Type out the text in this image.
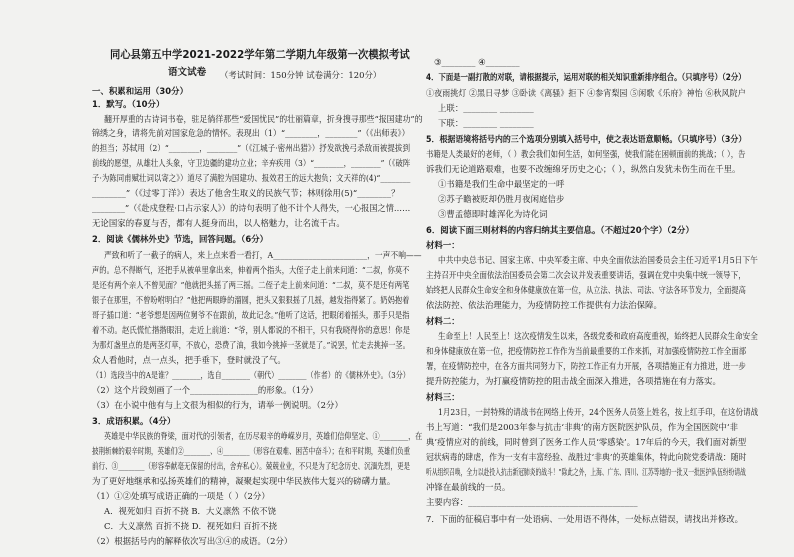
同心县第五中学2021-2022学年第二学期九年级第一次模拟考试
语文试卷 （考试时间：150分钟 试卷满分：120分）
一、积累和运用（30分）
1．默写。（10分）
翻开厚重的古诗词书卷，驻足徜徉那些“爱国忧民”的壮丽篇章，折身搜寻那些“报国建功”的
锦绣之身，请将先前对国家危急的情怀。表现出（1）“________，________”（《出师表》）
的担当；苏轼用（2）“________，________”（《江城子·密州出猎》）抒发欲挽弓杀敌而被提拔到
前线的愿望，从雄壮人头象，守卫边疆的建功立业；辛弃疾用（3）“________，________”（《破阵
子·为陈同甫赋壮词以寄之》）道尽了满腔为国建功、报效君王的远大抱负；文天祥的(4)“________
________”（《过零丁洋》）表达了他舍生取义的民族气节；林则徐用(5)“________？
________”（《赴戍登程·口占示家人》）的诗句表明了他不计个人得失，一心报国之情……
无论国家的春夏与否，都有人挺身而出，以人格魅力，让名流千古。
2．阅读《儒林外史》节选，回答问题。（6分）
严致和听了一截子的病人，来上点来看一看打，A________________________，一声不响——
声的。总不得断气，还把手从被单里拿出来，伸着两个指头，大侄子走上前来问道：“二叔，你莫不
是还有两个亲人不曾见面？”他就把头摇了两三摇。二侄子走上前来问道：“二叔，莫不是还有两笔
银子在那里，不曾吩咐明白？”他把两眼睁的溜圆，把头又狠狠摇了几摇，越发指得紧了。奶妈抱着
哥子插口道：“老爷想是因两位舅爷不在跟前，故此记念。”他听了这话，把眼闭着摇头，那手只是指
着不动。赵氏慌忙揩揩眼泪，走近上前道：“爷，别人都说的不相干，只有我晓得你的意思！你是
为那灯盏里点的是两茎灯草，不放心，恐费了油，我如今挑掉一茎就是了。”说罢，忙走去挑掉一茎。
众人看他时，点一点头，把手垂下，登时就没了气。
（1）选段当中的A是谁？________，选自________（朝代）________（作者）的《儒林外史》。（3分）
（2）这个片段刻画了一个________________的形象。（1分）
（3）在小说中他有与上文很为相似的行为，请举一例说明。（2分）
3．成语积累。（4分）
英雄是中华民族的脊梁，面对代的引领者，在历尽艰辛的峥嵘岁月，英雄们信仰坚定、①________，在
披荆斩棘的艰辛时期，英雄们②________、④________（形容在艰难、困苦中奋斗）；在和平时期，英雄们负重
前行、③________（形容奉献毫无保留的付出，舍弃私心）。兢兢业业，不只是为了纪念历史、沉湎先烈，更是
为了更好地继承和弘扬英雄们的精神，凝聚起实现中华民族伟大复兴的磅礴力量。
（1）①②处填写成语正确的一项是（ ）（2分）
A．视死如归 百折不挠 B．大义凛然 不依不饶
C．大义凛然 百折不挠 D．视死如归 百折不挠
（2）根据括号内的解释依次写出③④的成语。（2分）
③________ ④________
4．下面是一副打散的对联，请根据提示，运用对联的相关知识重新排序组合。（只填序号）（2分）
①夜雨挑灯 ②黑日寻梦 ③卧读《离骚》拒下 ④参宵梨园 ⑤闲歌《乐府》神怡 ⑥秋风院户
上联：________ ________
下联：________ ________
5．根据语境将括号内的三个选项分别填入括号中，使之表达语意顺畅。（只填序号）（3分）
书籍是人类最好的老师，（ ）教会我们如何生活，如何坚强，使我们能在困顿面前的挑战；（ ），告
诉我们无论道路艰难，也要不改缠绵牙历史之心；（ ），纵然白发犹未伤生而在千里。
①书籍是我们生命中最坚定的一呼
②苏子瞻被贬却仍胜月夜闲庭信步
③曹孟德即时雄浑化为诗化词
6．阅读下面三则材料的内容归纳其主要信息。（不超过20个字）（2分）
材料一：
中共中央总书记、国家主席、中央军委主席、中央全面依法治国委员会主任习近平1月5日下午
主持召开中央全面依法治国委员会第二次会议并发表重要讲话，强调在党中央集中统一领导下，
始终把人民群众生命安全和身体健康放在第一位，从立法、执法、司法、守法各环节发力，全面提高
依法防控、依法治理能力，为疫情防控工作提供有力法治保障。
材料二：
生命至上！人民至上！这次疫情发生以来，各级党委和政府高度重视，始终把人民群众生命安全
和身体健康放在第一位，把疫情防控工作作为当前最重要的工作来抓，对加强疫情防控工作全面部
署，在疫情防控中，在各方面共同努力下，防控工作正有力开展，各项措施正有力推进，进一步
提升防控能力，为打赢疫情防控的阻击战全面深入推进，各项措施在有力落实。
材料三：
1月23日，一封特殊的请战书在网络上传开，24个医务人员签上姓名，按上红手印，在这份请战
书上写道：“我们是2003年参与抗击‘非典’的南方医院医护队员，作为全国医院中‘非
典’疫情应对的前线，同时曾到了医务工作人员‘零感染’。17年后的今天，我们面对新型
冠状病毒的肆虐，作为一支有丰富经验、战胜过‘非典’的英雄集体，特此向院党委请战：随时
听从组织召唤，全力以赴投入抗击新冠肺炎的战斗！”除此之外，上海、广东、四川、江苏等地的一批又一批医护队伍纷纷请战
冲锋在最前线的一员。
主要内容：________________________________________
7．下面的征稿启事中有一处语病、一处用语不得体，一处标点错误，请找出并修改。
